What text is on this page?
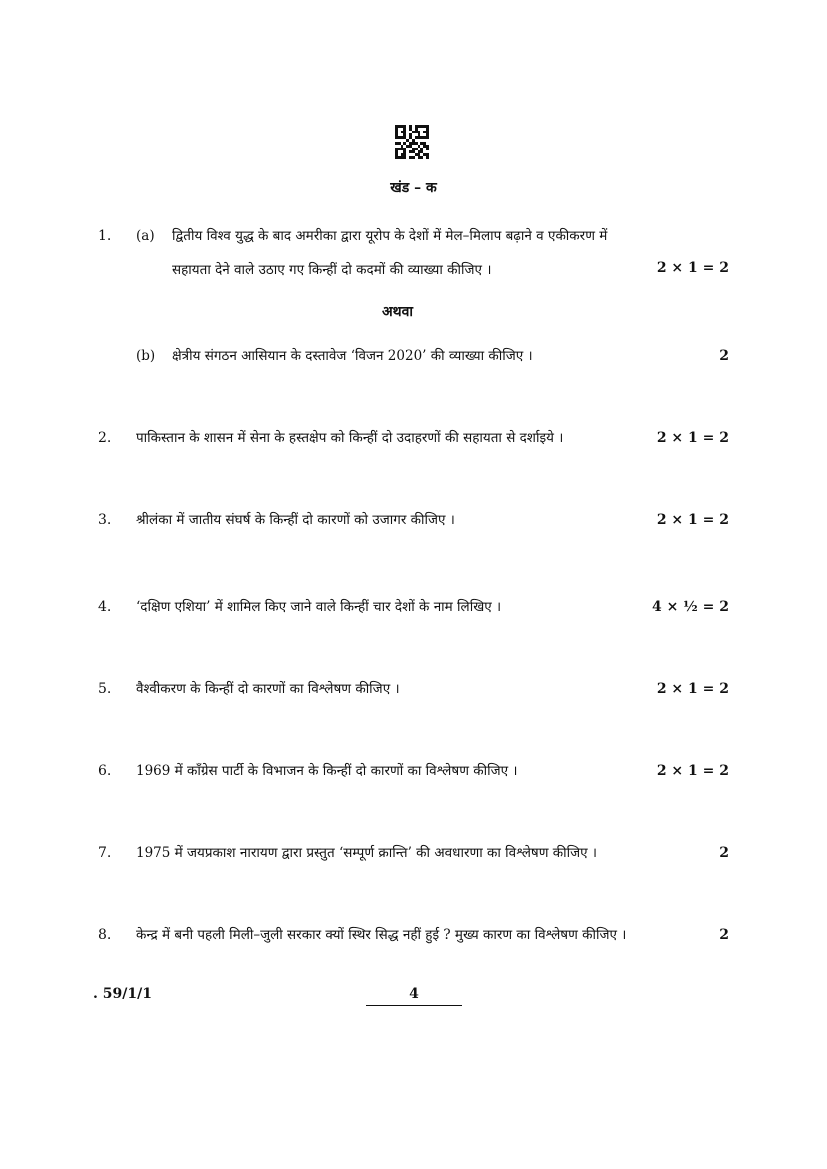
खंड – क
1. (a) द्वितीय विश्व युद्ध के बाद अमरीका द्वारा यूरोप के देशों में मेल–मिलाप बढ़ाने व एकीकरण में
सहायता देने वाले उठाए गए किन्हीं दो कदमों की व्याख्या कीजिए ।	2 × 1 = 2
अथवा
(b) क्षेत्रीय संगठन आसियान के दस्तावेज ‘विजन 2020’ की व्याख्या कीजिए ।	2
2. पाकिस्तान के शासन में सेना के हस्तक्षेप को किन्हीं दो उदाहरणों की सहायता से दर्शाइये ।	2 × 1 = 2
3. श्रीलंका में जातीय संघर्ष के किन्हीं दो कारणों को उजागर कीजिए ।	2 × 1 = 2
4. ‘दक्षिण एशिया’ में शामिल किए जाने वाले किन्हीं चार देशों के नाम लिखिए ।	4 × ½ = 2
5. वैश्वीकरण के किन्हीं दो कारणों का विश्लेषण कीजिए ।	2 × 1 = 2
6. 1969 में काँग्रेस पार्टी के विभाजन के किन्हीं दो कारणों का विश्लेषण कीजिए ।	2 × 1 = 2
7. 1975 में जयप्रकाश नारायण द्वारा प्रस्तुत ‘सम्पूर्ण क्रान्ति’ की अवधारणा का विश्लेषण कीजिए ।	2
8. केन्द्र में बनी पहली मिली–जुली सरकार क्यों स्थिर सिद्ध नहीं हुई ? मुख्य कारण का विश्लेषण कीजिए ।	2
. 59/1/1	4
